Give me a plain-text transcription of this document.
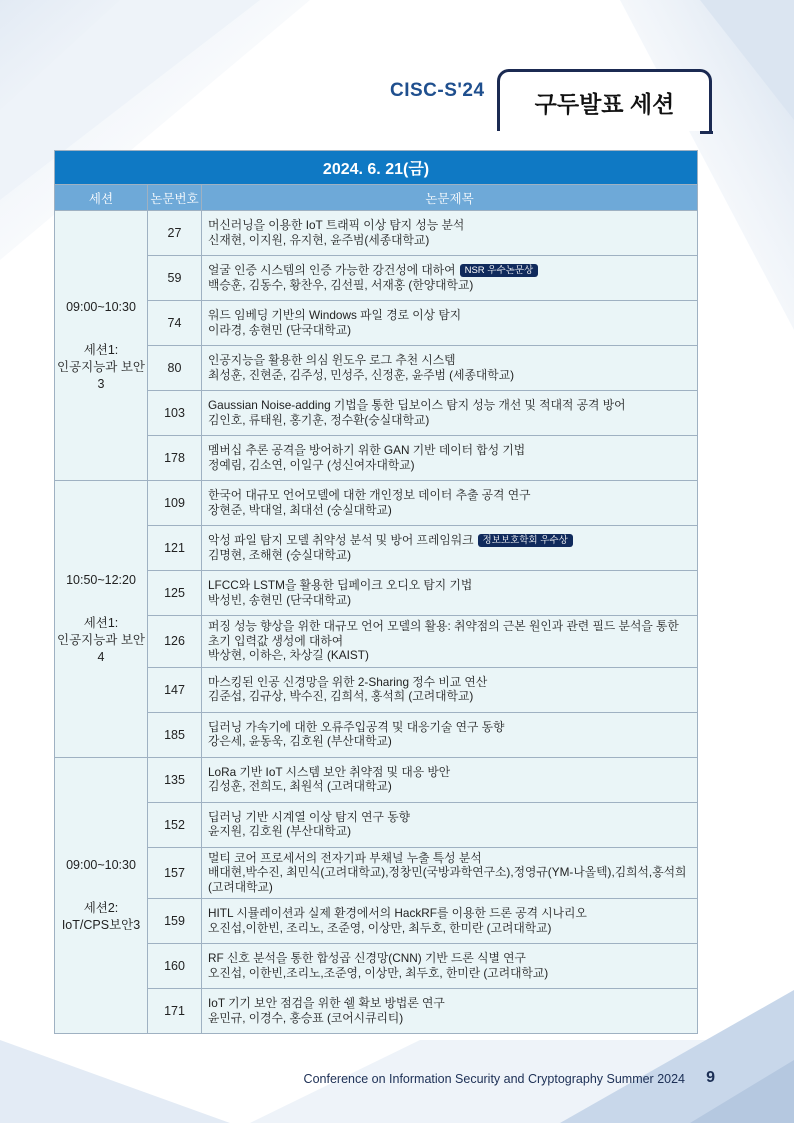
CISC-S'24
구두발표 세션
2024. 6. 21(금)		
세션	논문번호	논문제목

09:00~10:30
세션1:
인공지능과 보안3	27	머신러닝을 이용한 IoT 트래픽 이상 탐지 성능 분석
신재현, 이지원, 유지현, 윤주범(세종대학교)

	59	얼굴 인증 시스템의 인증 가능한 강건성에 대하여 NSR 우수논문상
백승훈, 김동수, 황찬우, 김선필, 서재홍 (한양대학교)

	74	워드 임베딩 기반의 Windows 파일 경로 이상 탐지
이라경, 송현민 (단국대학교)

	80	인공지능을 활용한 의심 윈도우 로그 추천 시스템
최성훈, 진현준, 김주성, 민성주, 신정훈, 윤주범 (세종대학교)

	103	Gaussian Noise-adding 기법을 통한 딥보이스 탐지 성능 개선 및 적대적 공격 방어
김인호, 류태원, 홍기훈, 정수환(숭실대학교)

	178	멤버십 추론 공격을 방어하기 위한 GAN 기반 데이터 합성 기법
정예림, 김소연, 이일구 (성신여자대학교)

10:50~12:20
세션1:
인공지능과 보안4	109	한국어 대규모 언어모델에 대한 개인정보 데이터 추출 공격 연구
장현준, 박대얼, 최대선 (숭실대학교)

	121	악성 파일 탐지 모델 취약성 분석 및 방어 프레임워크 정보보호학회 우수상
김명현, 조해현 (숭실대학교)

	125	LFCC와 LSTM을 활용한 딥페이크 오디오 탐지 기법
박성빈, 송현민 (단국대학교)

	126	퍼징 성능 향상을 위한 대규모 언어 모델의 활용: 취약점의 근본 원인과 관련 필드 분석을 통한 초기 입력값 생성에 대하여
박상현, 이하은, 차상길 (KAIST)

	147	마스킹된 인공 신경망을 위한 2-Sharing 정수 비교 연산
김준섭, 김규상, 박수진, 김희석, 홍석희 (고려대학교)

	185	딥러닝 가속기에 대한 오류주입공격 및 대응기술 연구 동향
강은세, 윤동욱, 김호원 (부산대학교)

09:00~10:30
세션2:
IoT/CPS보안3	135	LoRa 기반 IoT 시스템 보안 취약점 및 대응 방안
김성훈, 전희도, 최원석 (고려대학교)

	152	딥러닝 기반 시계열 이상 탐지 연구 동향
윤지원, 김호원 (부산대학교)

	157	멀티 코어 프로세서의 전자기파 부채널 누출 특성 분석
배대현,박수진, 최민식(고려대학교),정창민(국방과학연구소),정영규(YM-나올텍),김희석,홍석희 (고려대학교)

	159	HITL 시뮬레이션과 실제 환경에서의 HackRF를 이용한 드론 공격 시나리오
오진섭,이한빈, 조리노, 조준영, 이상만, 최두호, 한미란 (고려대학교)

	160	RF 신호 분석을 통한 합성곱 신경망(CNN) 기반 드론 식별 연구
오진섭, 이한빈,조리노,조준영, 이상만, 최두호, 한미란 (고려대학교)

	171	IoT 기기 보안 점검을 위한 쉘 확보 방법론 연구
윤민규, 이경수, 홍승표 (코어시큐리티)
Conference on Information Security and Cryptography Summer 2024	9
